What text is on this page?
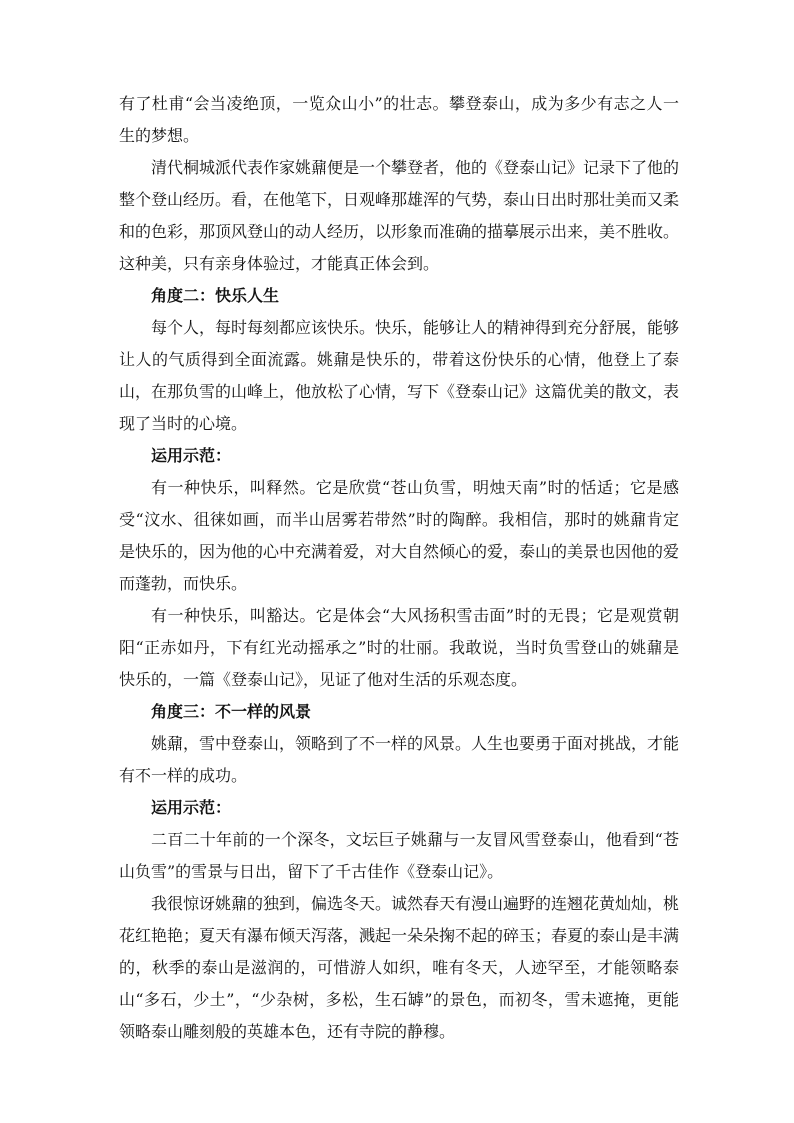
有了杜甫“会当凌绝顶，一览众山小”的壮志。攀登泰山，成为多少有志之人一生的梦想。

清代桐城派代表作家姚鼐便是一个攀登者，他的《登泰山记》记录下了他的整个登山经历。看，在他笔下，日观峰那雄浑的气势，泰山日出时那壮美而又柔和的色彩，那顶风登山的动人经历，以形象而准确的描摹展示出来，美不胜收。这种美，只有亲身体验过，才能真正体会到。

角度二：快乐人生

每个人，每时每刻都应该快乐。快乐，能够让人的精神得到充分舒展，能够让人的气质得到全面流露。姚鼐是快乐的，带着这份快乐的心情，他登上了泰山，在那负雪的山峰上，他放松了心情，写下《登泰山记》这篇优美的散文，表现了当时的心境。

运用示范：

有一种快乐，叫释然。它是欣赏“苍山负雪，明烛天南”时的恬适；它是感受“汶水、徂徕如画，而半山居雾若带然”时的陶醉。我相信，那时的姚鼐肯定是快乐的，因为他的心中充满着爱，对大自然倾心的爱，泰山的美景也因他的爱而蓬勃，而快乐。

有一种快乐，叫豁达。它是体会“大风扬积雪击面”时的无畏；它是观赏朝阳“正赤如丹，下有红光动摇承之”时的壮丽。我敢说，当时负雪登山的姚鼐是快乐的，一篇《登泰山记》，见证了他对生活的乐观态度。

角度三：不一样的风景

姚鼐，雪中登泰山，领略到了不一样的风景。人生也要勇于面对挑战，才能有不一样的成功。

运用示范：

二百二十年前的一个深冬，文坛巨子姚鼐与一友冒风雪登泰山，他看到“苍山负雪”的雪景与日出，留下了千古佳作《登泰山记》。

我很惊讶姚鼐的独到，偏选冬天。诚然春天有漫山遍野的连翘花黄灿灿，桃花红艳艳；夏天有瀑布倾天泻落，溅起一朵朵掬不起的碎玉；春夏的泰山是丰满的，秋季的泰山是滋润的，可惜游人如织，唯有冬天，人迹罕至，才能领略泰山“多石，少土”，“少杂树，多松，生石罅”的景色，而初冬，雪未遮掩，更能领略泰山雕刻般的英雄本色，还有寺院的静穆。
